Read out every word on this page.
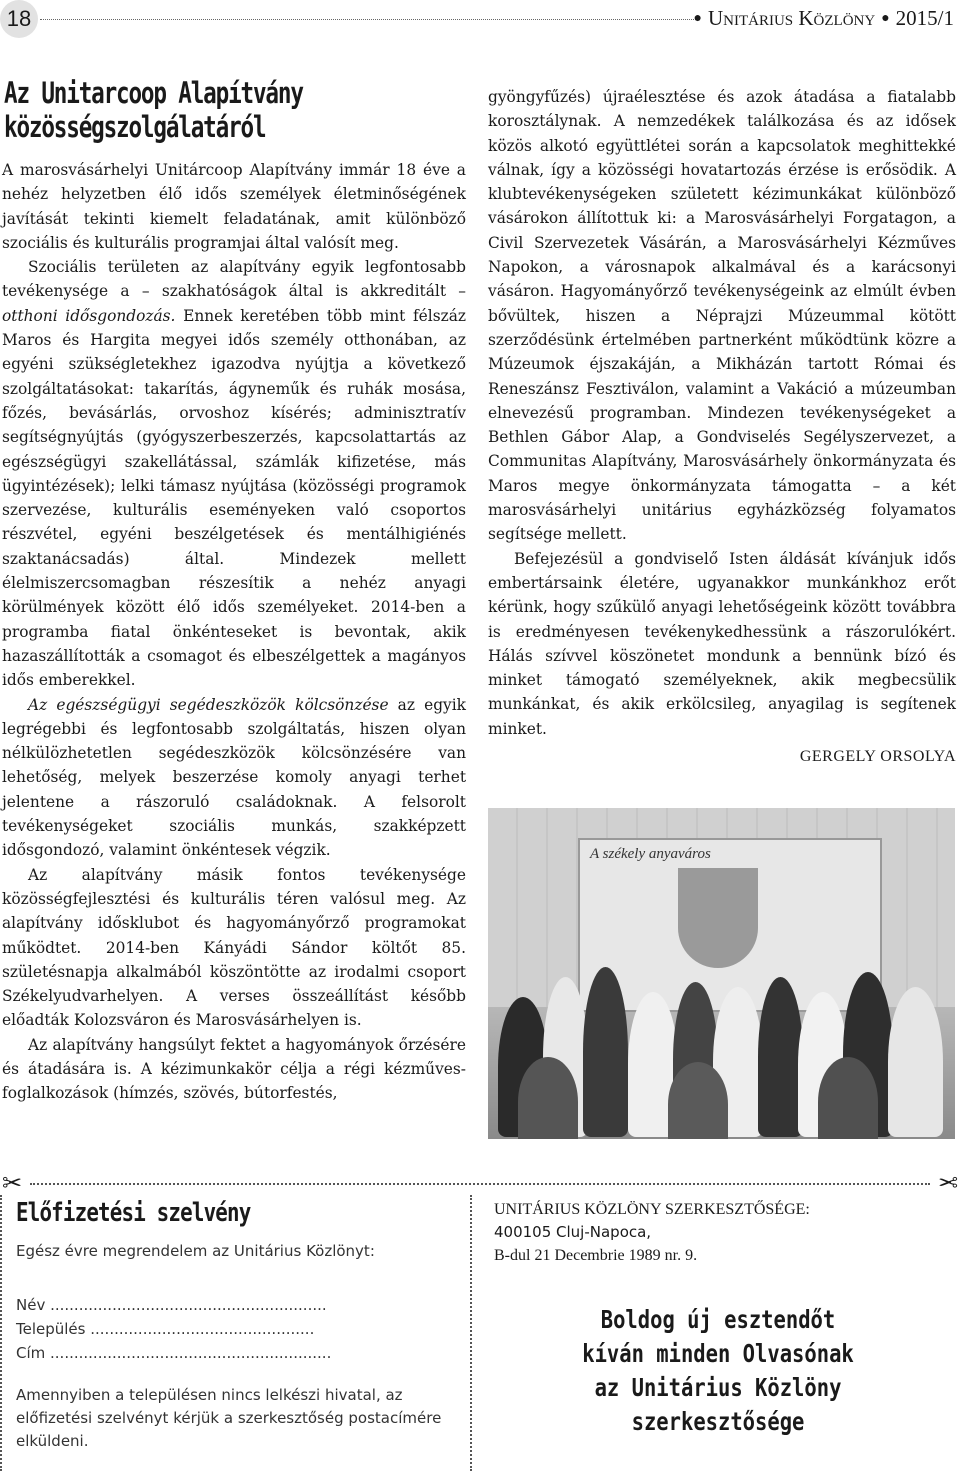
18	● Unitárius Közlöny ● 2015/1
Az Unitarcoop Alapítvány
közösségszolgálatáról

A marosvásárhelyi Unitárcoop Alapítvány immár 18 éve a nehéz helyzetben élő idős személyek életminőségének javítását tekinti kiemelt feladatának, amit különböző szociális és kulturális programjai által valósít meg.

Szociális területen az alapítvány egyik legfontosabb tevékenysége a – szakhatóságok által is akkreditált – otthoni idősgondozás. Ennek keretében több mint félszáz Maros és Hargita megyei idős személy otthonában, az egyéni szükségletekhez igazodva nyújtja a következő szolgáltatásokat: takarítás, ágyneműk és ruhák mosása, főzés, bevásárlás, orvoshoz kísérés; adminisztratív segítségnyújtás (gyógyszerbeszerzés, kapcsolattartás az egészségügyi szakellátással, számlák kifizetése, más ügyintézések); lelki támasz nyújtása (közösségi programok szervezése, kulturális eseményeken való csoportos részvétel, egyéni beszélgetések és mentálhigiénés szaktanácsadás) által. Mindezek mellett élelmiszercsomagban részesítik a nehéz anyagi körülmények között élő idős személyeket. 2014-ben a programba fiatal önkénteseket is bevontak, akik hazaszállították a csomagot és elbeszélgettek a magányos idős emberekkel.

Az egészségügyi segédeszközök kölcsönzése az egyik legrégebbi és legfontosabb szolgáltatás, hiszen olyan nélkülözhetetlen segédeszközök kölcsönzésére van lehetőség, melyek beszerzése komoly anyagi terhet jelentene a rászoruló családoknak. A felsorolt tevékenységeket szociális munkás, szakképzett idősgondozó, valamint önkéntesek végzik.

Az alapítvány másik fontos tevékenysége közösségfejlesztési és kulturális téren valósul meg. Az alapítvány idősklubot és hagyományőrző programokat működtet. 2014-ben Kányádi Sándor költőt 85. születésnapja alkalmából köszöntötte az irodalmi csoport Székelyudvarhelyen. A verses összeállítást később előadták Kolozsváron és Marosvásárhelyen is.

Az alapítvány hangsúlyt fektet a hagyományok őrzésére és átadására is. A kézimunkakör célja a régi kézműves-foglalkozások (hímzés, szövés, bútorfestés,

gyöngyfűzés) újraélesztése és azok átadása a fiatalabb korosztálynak. A nemzedékek találkozása és az idősek közös alkotó együttlétei során a kapcsolatok meghittekké válnak, így a közösségi hovatartozás érzése is erősödik. A klubtevékenységeken született kézimunkákat különböző vásárokon állítottuk ki: a Marosvásárhelyi Forgatagon, a Civil Szervezetek Vásárán, a Marosvásárhelyi Kézműves Napokon, a városnapok alkalmával és a karácsonyi vásáron. Hagyományőrző tevékenységeink az elmúlt évben bővültek, hiszen a Néprajzi Múzeummal kötött szerződésünk értelmében partnerként működtünk közre a Múzeumok éjszakáján, a Mikházán tartott Római és Reneszánsz Fesztiválon, valamint a Vakáció a múzeumban elnevezésű programban. Mindezen tevékenységeket a Bethlen Gábor Alap, a Gondviselés Segélyszervezet, a Communitas Alapítvány, Marosvásárhely önkormányzata és Maros megye önkormányzata támogatta – a két marosvásárhelyi unitárius egyházközség folyamatos segítsége mellett.

Befejezésül a gondviselő Isten áldását kívánjuk idős embertársaink életére, ugyanakkor munkánkhoz erőt kérünk, hogy szűkülő anyagi lehetőségeink között továbbra is eredményesen tevékenykedhessünk a rászorulókért. Hálás szívvel köszönetet mondunk a bennünk bízó és minket támogató személyeknek, akik megbecsülik munkánkat, és akik erkölcsileg, anyagilag is segítenek minket.

GERGELY ORSOLYA
A székely anyaváros
✂	✂
Előfizetési szelvény
Egész évre megrendelem az Unitárius Közlönyt:
Név ..........................................................
Település ...............................................
Cím ...........................................................
Amennyiben a településen nincs lelkészi hivatal, az előfizetési szelvényt kérjük a szerkesztőség postacímére elküldeni.
UNITÁRIUS KÖZLÖNY SZERKESZTŐSÉGE:
400105 Cluj-Napoca,
B-dul 21 Decembrie 1989 nr. 9.
Boldog új esztendőt
kíván minden Olvasónak
az Unitárius Közlöny
szerkesztősége
